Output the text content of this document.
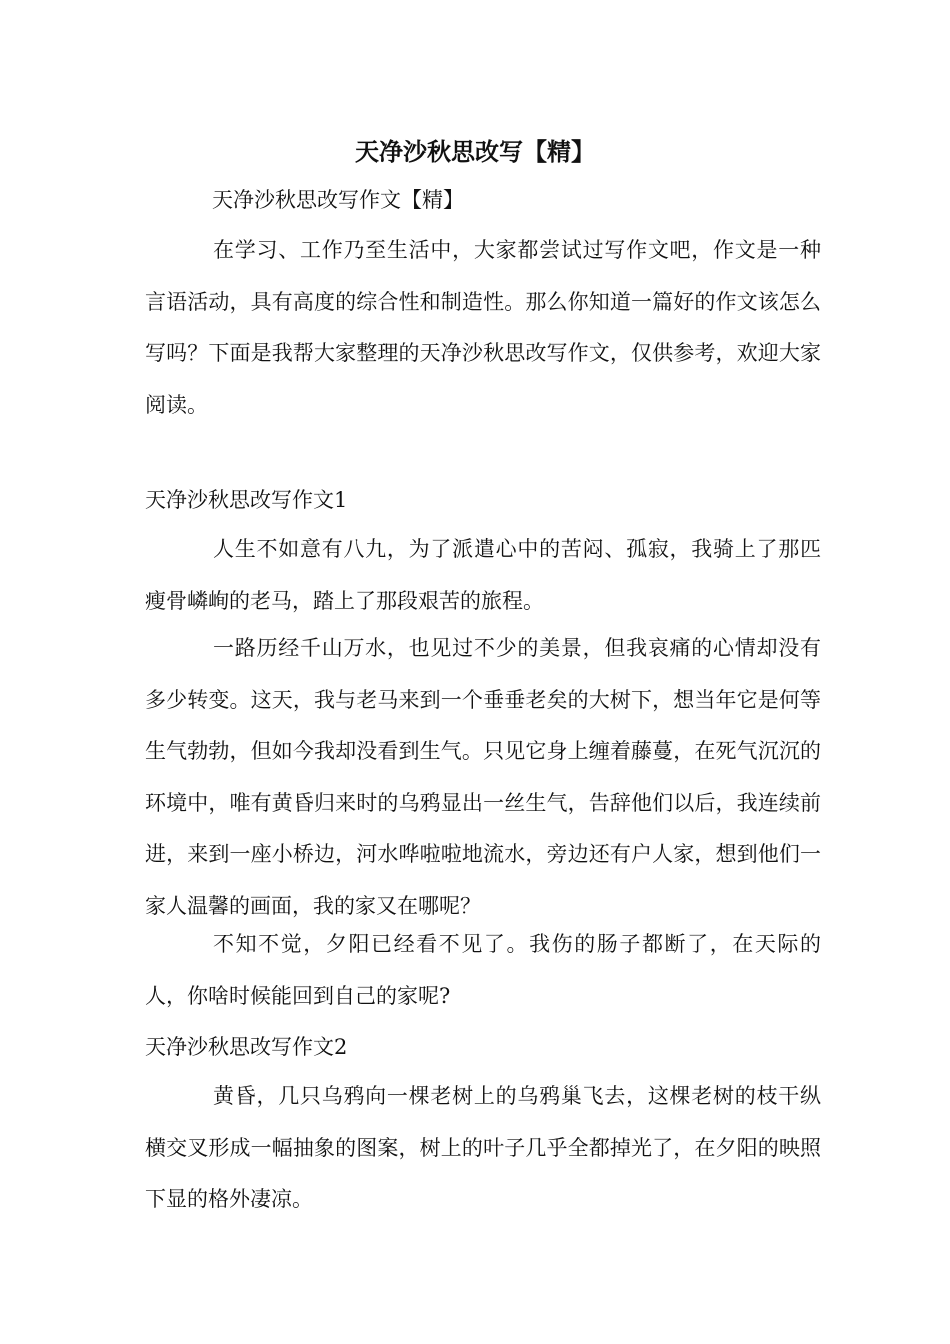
天净沙秋思改写【精】
天净沙秋思改写作文【精】

在学习、工作乃至生活中，大家都尝试过写作文吧，作文是一种言语活动，具有高度的综合性和制造性。那么你知道一篇好的作文该怎么写吗？下面是我帮大家整理的天净沙秋思改写作文，仅供参考，欢迎大家阅读。

天净沙秋思改写作文1

人生不如意有八九，为了派遣心中的苦闷、孤寂，我骑上了那匹瘦骨嶙峋的老马，踏上了那段艰苦的旅程。

一路历经千山万水，也见过不少的美景，但我哀痛的心情却没有多少转变。这天，我与老马来到一个垂垂老矣的大树下，想当年它是何等生气勃勃，但如今我却没看到生气。只见它身上缠着藤蔓，在死气沉沉的环境中，唯有黄昏归来时的乌鸦显出一丝生气，告辞他们以后，我连续前进，来到一座小桥边，河水哗啦啦地流水，旁边还有户人家，想到他们一家人温馨的画面，我的家又在哪呢？

不知不觉，夕阳已经看不见了。我伤的肠子都断了，在天际的人，你啥时候能回到自己的家呢?

天净沙秋思改写作文2

黄昏，几只乌鸦向一棵老树上的乌鸦巢飞去，这棵老树的枝干纵横交叉形成一幅抽象的图案，树上的叶子几乎全都掉光了，在夕阳的映照下显的格外凄凉。
